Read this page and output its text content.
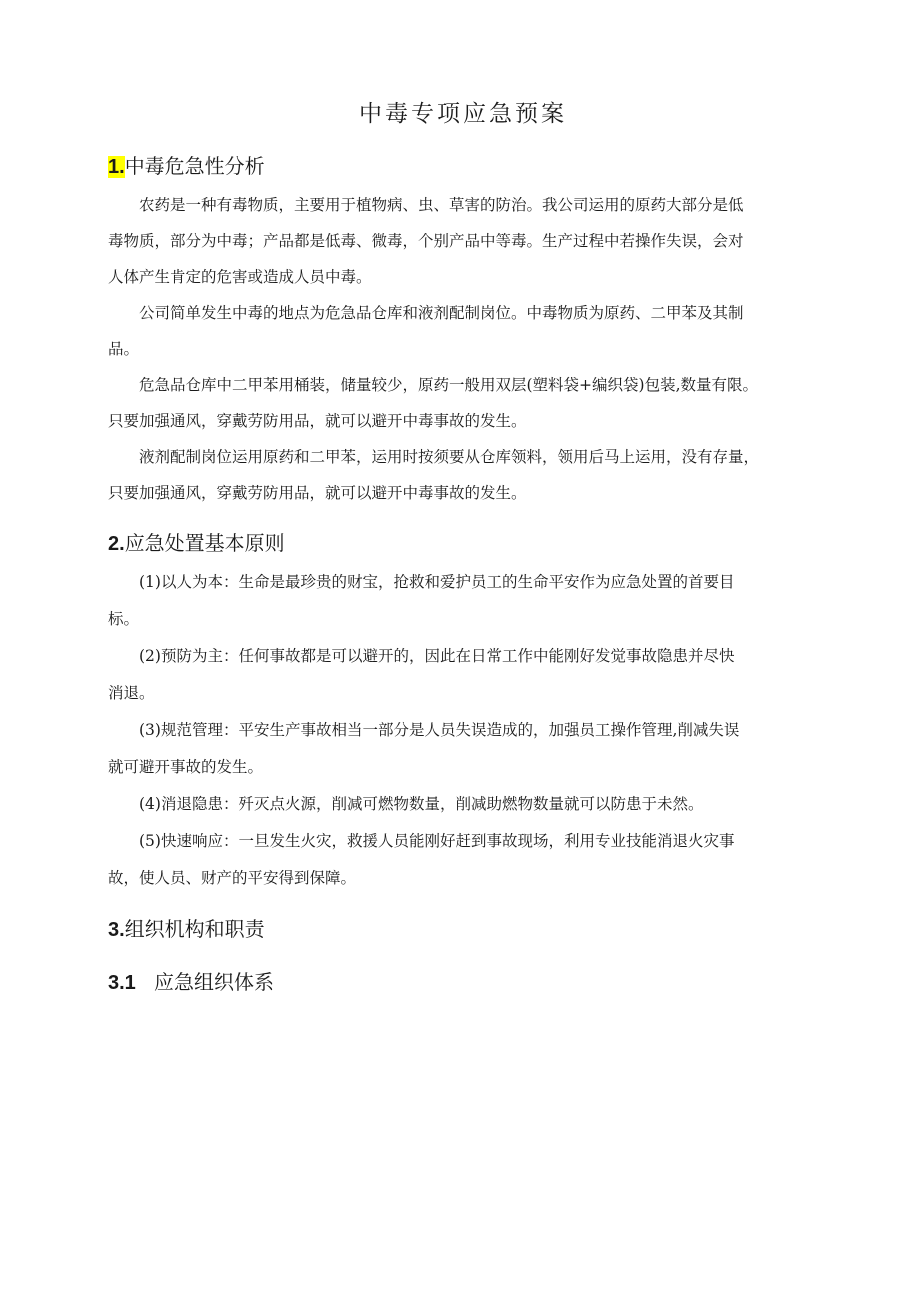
中毒专项应急预案
1.中毒危急性分析

农药是一种有毒物质，主要用于植物病、虫、草害的防治。我公司运用的原药大部分是低
毒物质，部分为中毒；产品都是低毒、微毒，个别产品中等毒。生产过程中若操作失误，会对
人体产生肯定的危害或造成人员中毒。

公司简单发生中毒的地点为危急品仓库和液剂配制岗位。中毒物质为原药、二甲苯及其制
品。

危急品仓库中二甲苯用桶装，储量较少，原药一般用双层(塑料袋+编织袋)包装,数量有限。
只要加强通风，穿戴劳防用品，就可以避开中毒事故的发生。

液剂配制岗位运用原药和二甲苯，运用时按须要从仓库领料，领用后马上运用，没有存量，
只要加强通风，穿戴劳防用品，就可以避开中毒事故的发生。

2.应急处置基本原则

(1)以人为本：生命是最珍贵的财宝，抢救和爱护员工的生命平安作为应急处置的首要目
标。

(2)预防为主：任何事故都是可以避开的，因此在日常工作中能刚好发觉事故隐患并尽快
消退。

(3)规范管理：平安生产事故相当一部分是人员失误造成的，加强员工操作管理,削减失误
就可避开事故的发生。

(4)消退隐患：歼灭点火源，削减可燃物数量，削减助燃物数量就可以防患于未然。

(5)快速响应：一旦发生火灾，救援人员能刚好赶到事故现场，利用专业技能消退火灾事
故，使人员、财产的平安得到保障。

3.组织机构和职责
3.1 应急组织体系
